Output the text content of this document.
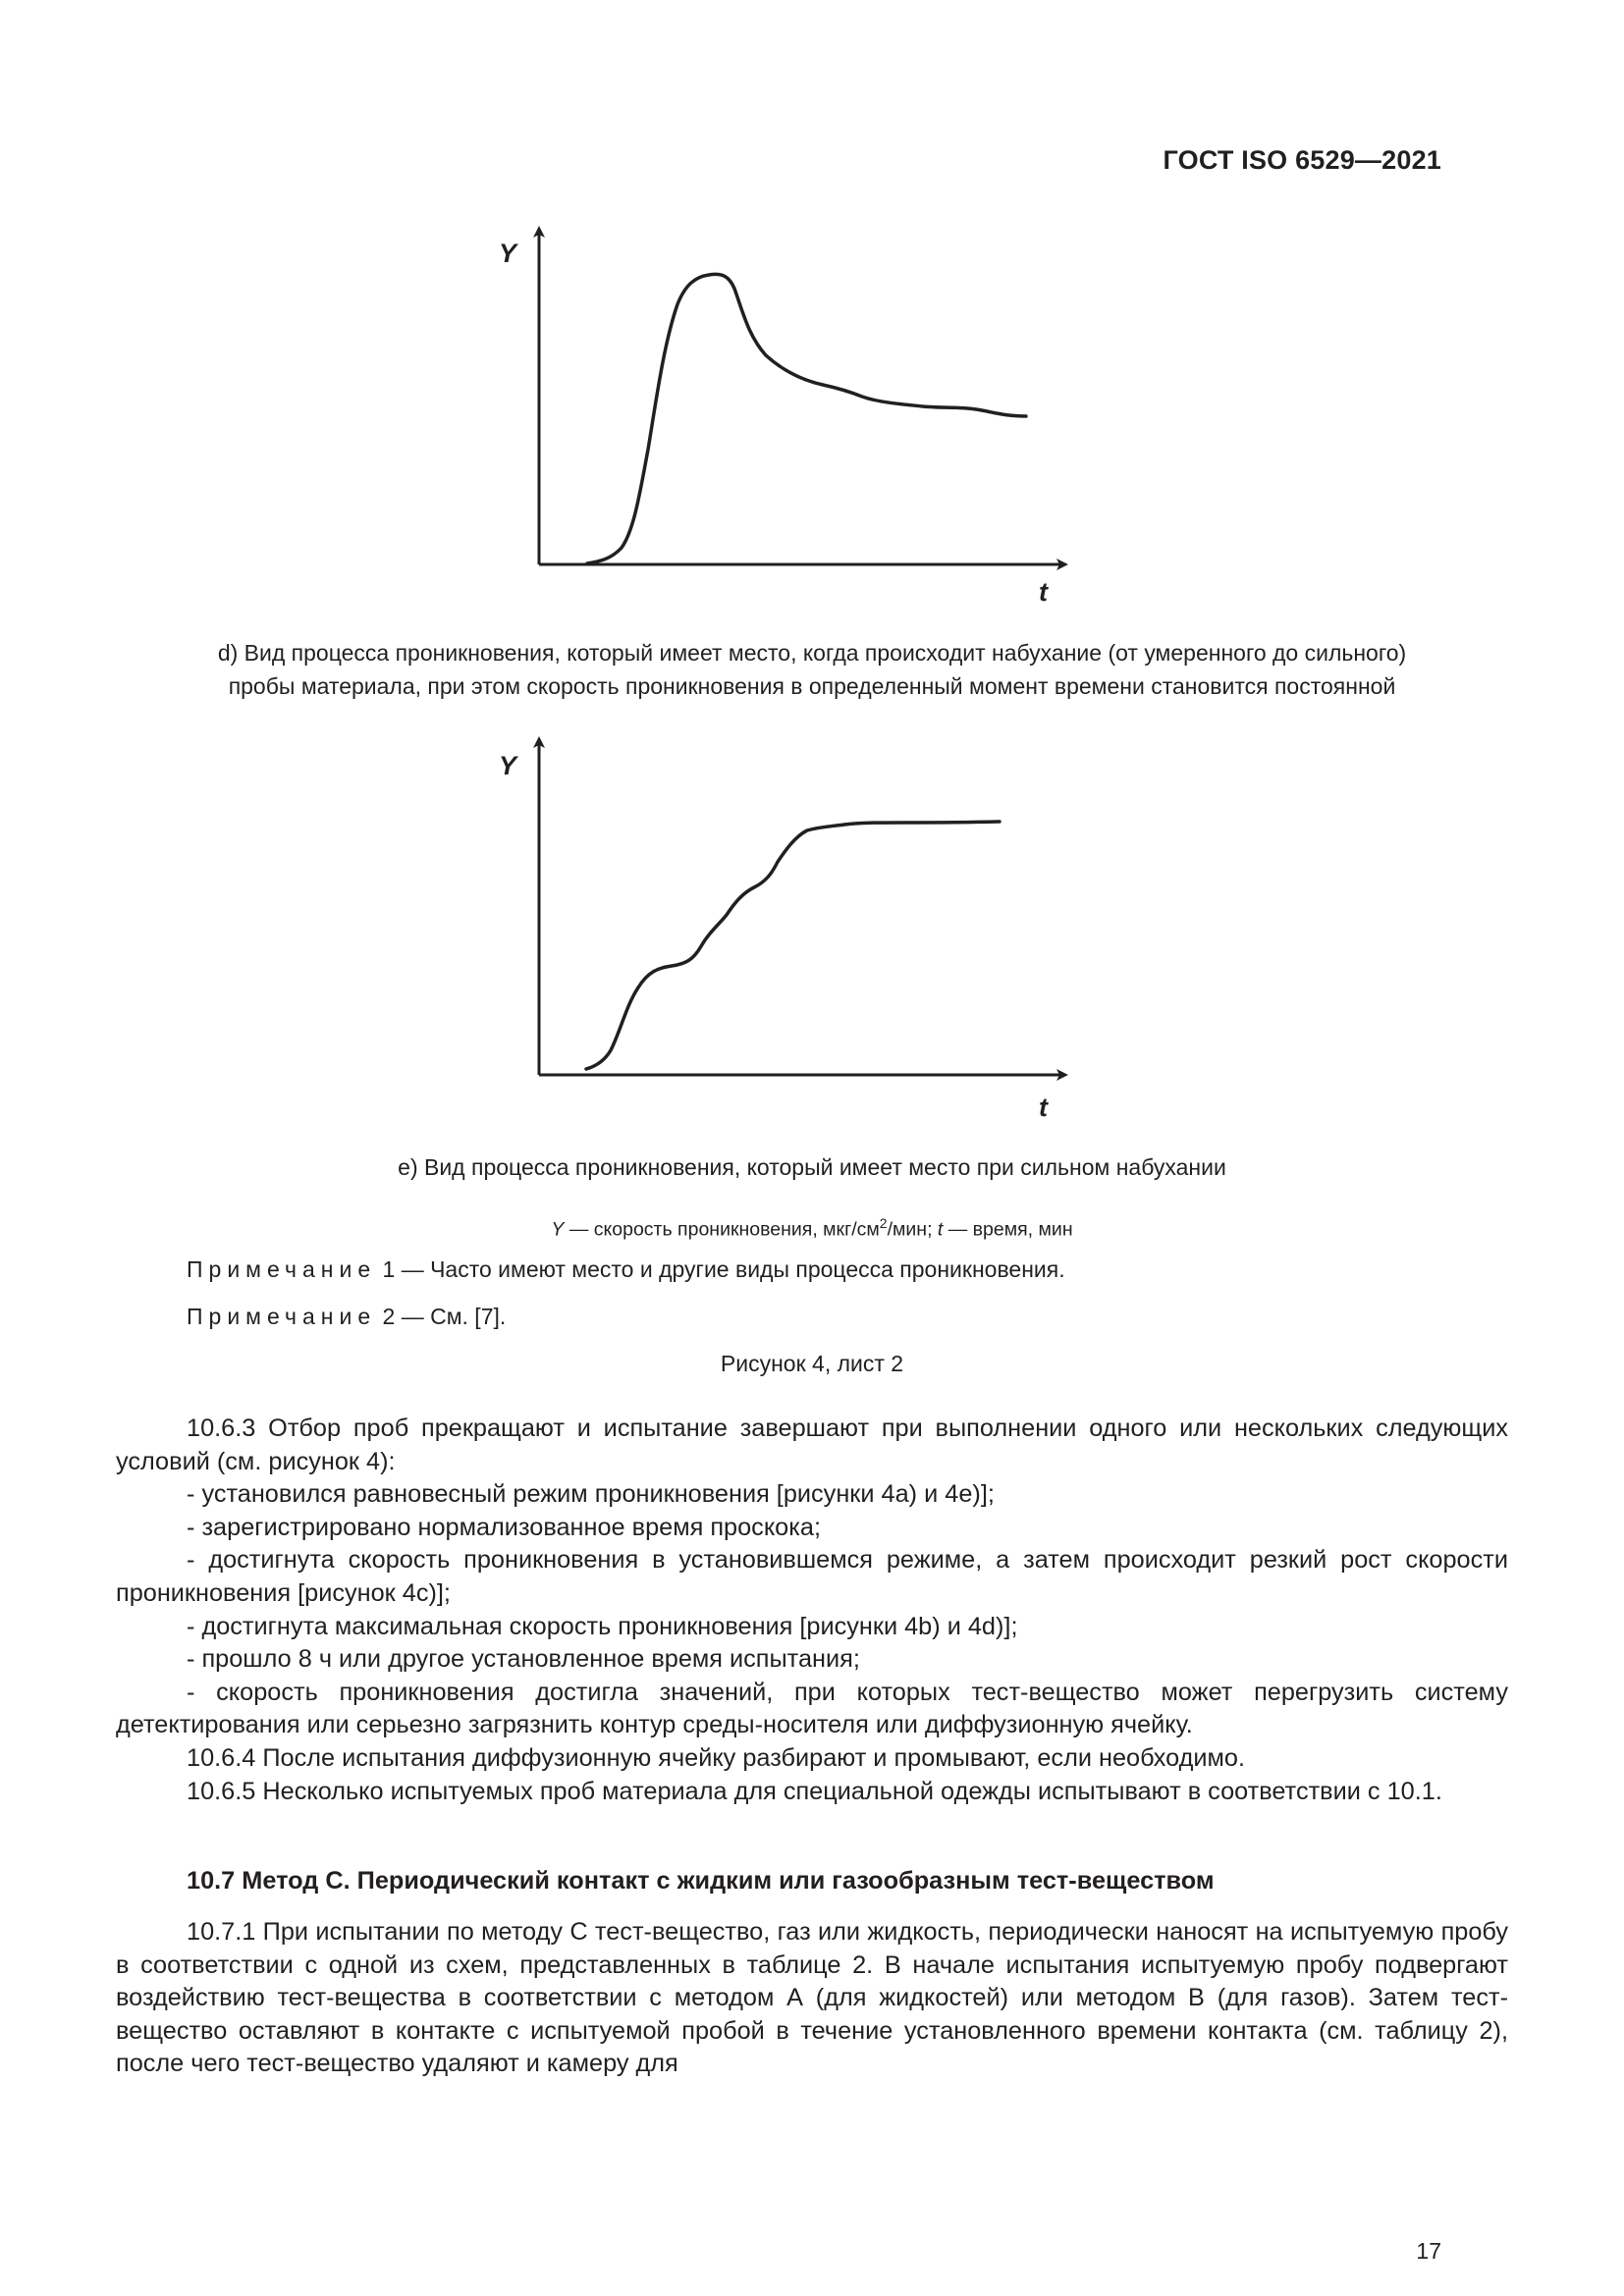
ГОСТ ISO 6529—2021
Y
t
d) Вид процесса проникновения, который имеет место, когда происходит набухание (от умеренного до сильного)
пробы материала, при этом скорость проникновения в определенный момент времени становится постоянной
Y
t
e) Вид процесса проникновения, который имеет место при сильном набухании
Y — скорость проникновения, мкг/$см^2$/мин; t — время, мин
Примечание 1 — Часто имеют место и другие виды процесса проникновения.
Примечание 2 — См. [7].
Рисунок 4, лист 2

10.6.3 Отбор проб прекращают и испытание завершают при выполнении одного или нескольких следующих условий (см. рисунок 4):

- установился равновесный режим проникновения [рисунки 4а) и 4е)];

- зарегистрировано нормализованное время проскока;

- достигнута скорость проникновения в установившемся режиме, а затем происходит резкий рост скорости проникновения [рисунок 4с)];

- достигнута максимальная скорость проникновения [рисунки 4b) и 4d)];

- прошло 8 ч или другое установленное время испытания;

- скорость проникновения достигла значений, при которых тест-вещество может перегрузить систему детектирования или серьезно загрязнить контур среды-носителя или диффузионную ячейку.

10.6.4 После испытания диффузионную ячейку разбирают и промывают, если необходимо.

10.6.5 Несколько испытуемых проб материала для специальной одежды испытывают в соответствии с 10.1.

10.7 Метод С. Периодический контакт с жидким или газообразным тест-веществом

10.7.1 При испытании по методу С тест-вещество, газ или жидкость, периодически наносят на испытуемую пробу в соответствии с одной из схем, представленных в таблице 2. В начале испытания испытуемую пробу подвергают воздействию тест-вещества в соответствии с методом А (для жидкостей) или методом В (для газов). Затем тест-вещество оставляют в контакте с испытуемой пробой в течение установленного времени контакта (см. таблицу 2), после чего тест-вещество удаляют и камеру для

17
